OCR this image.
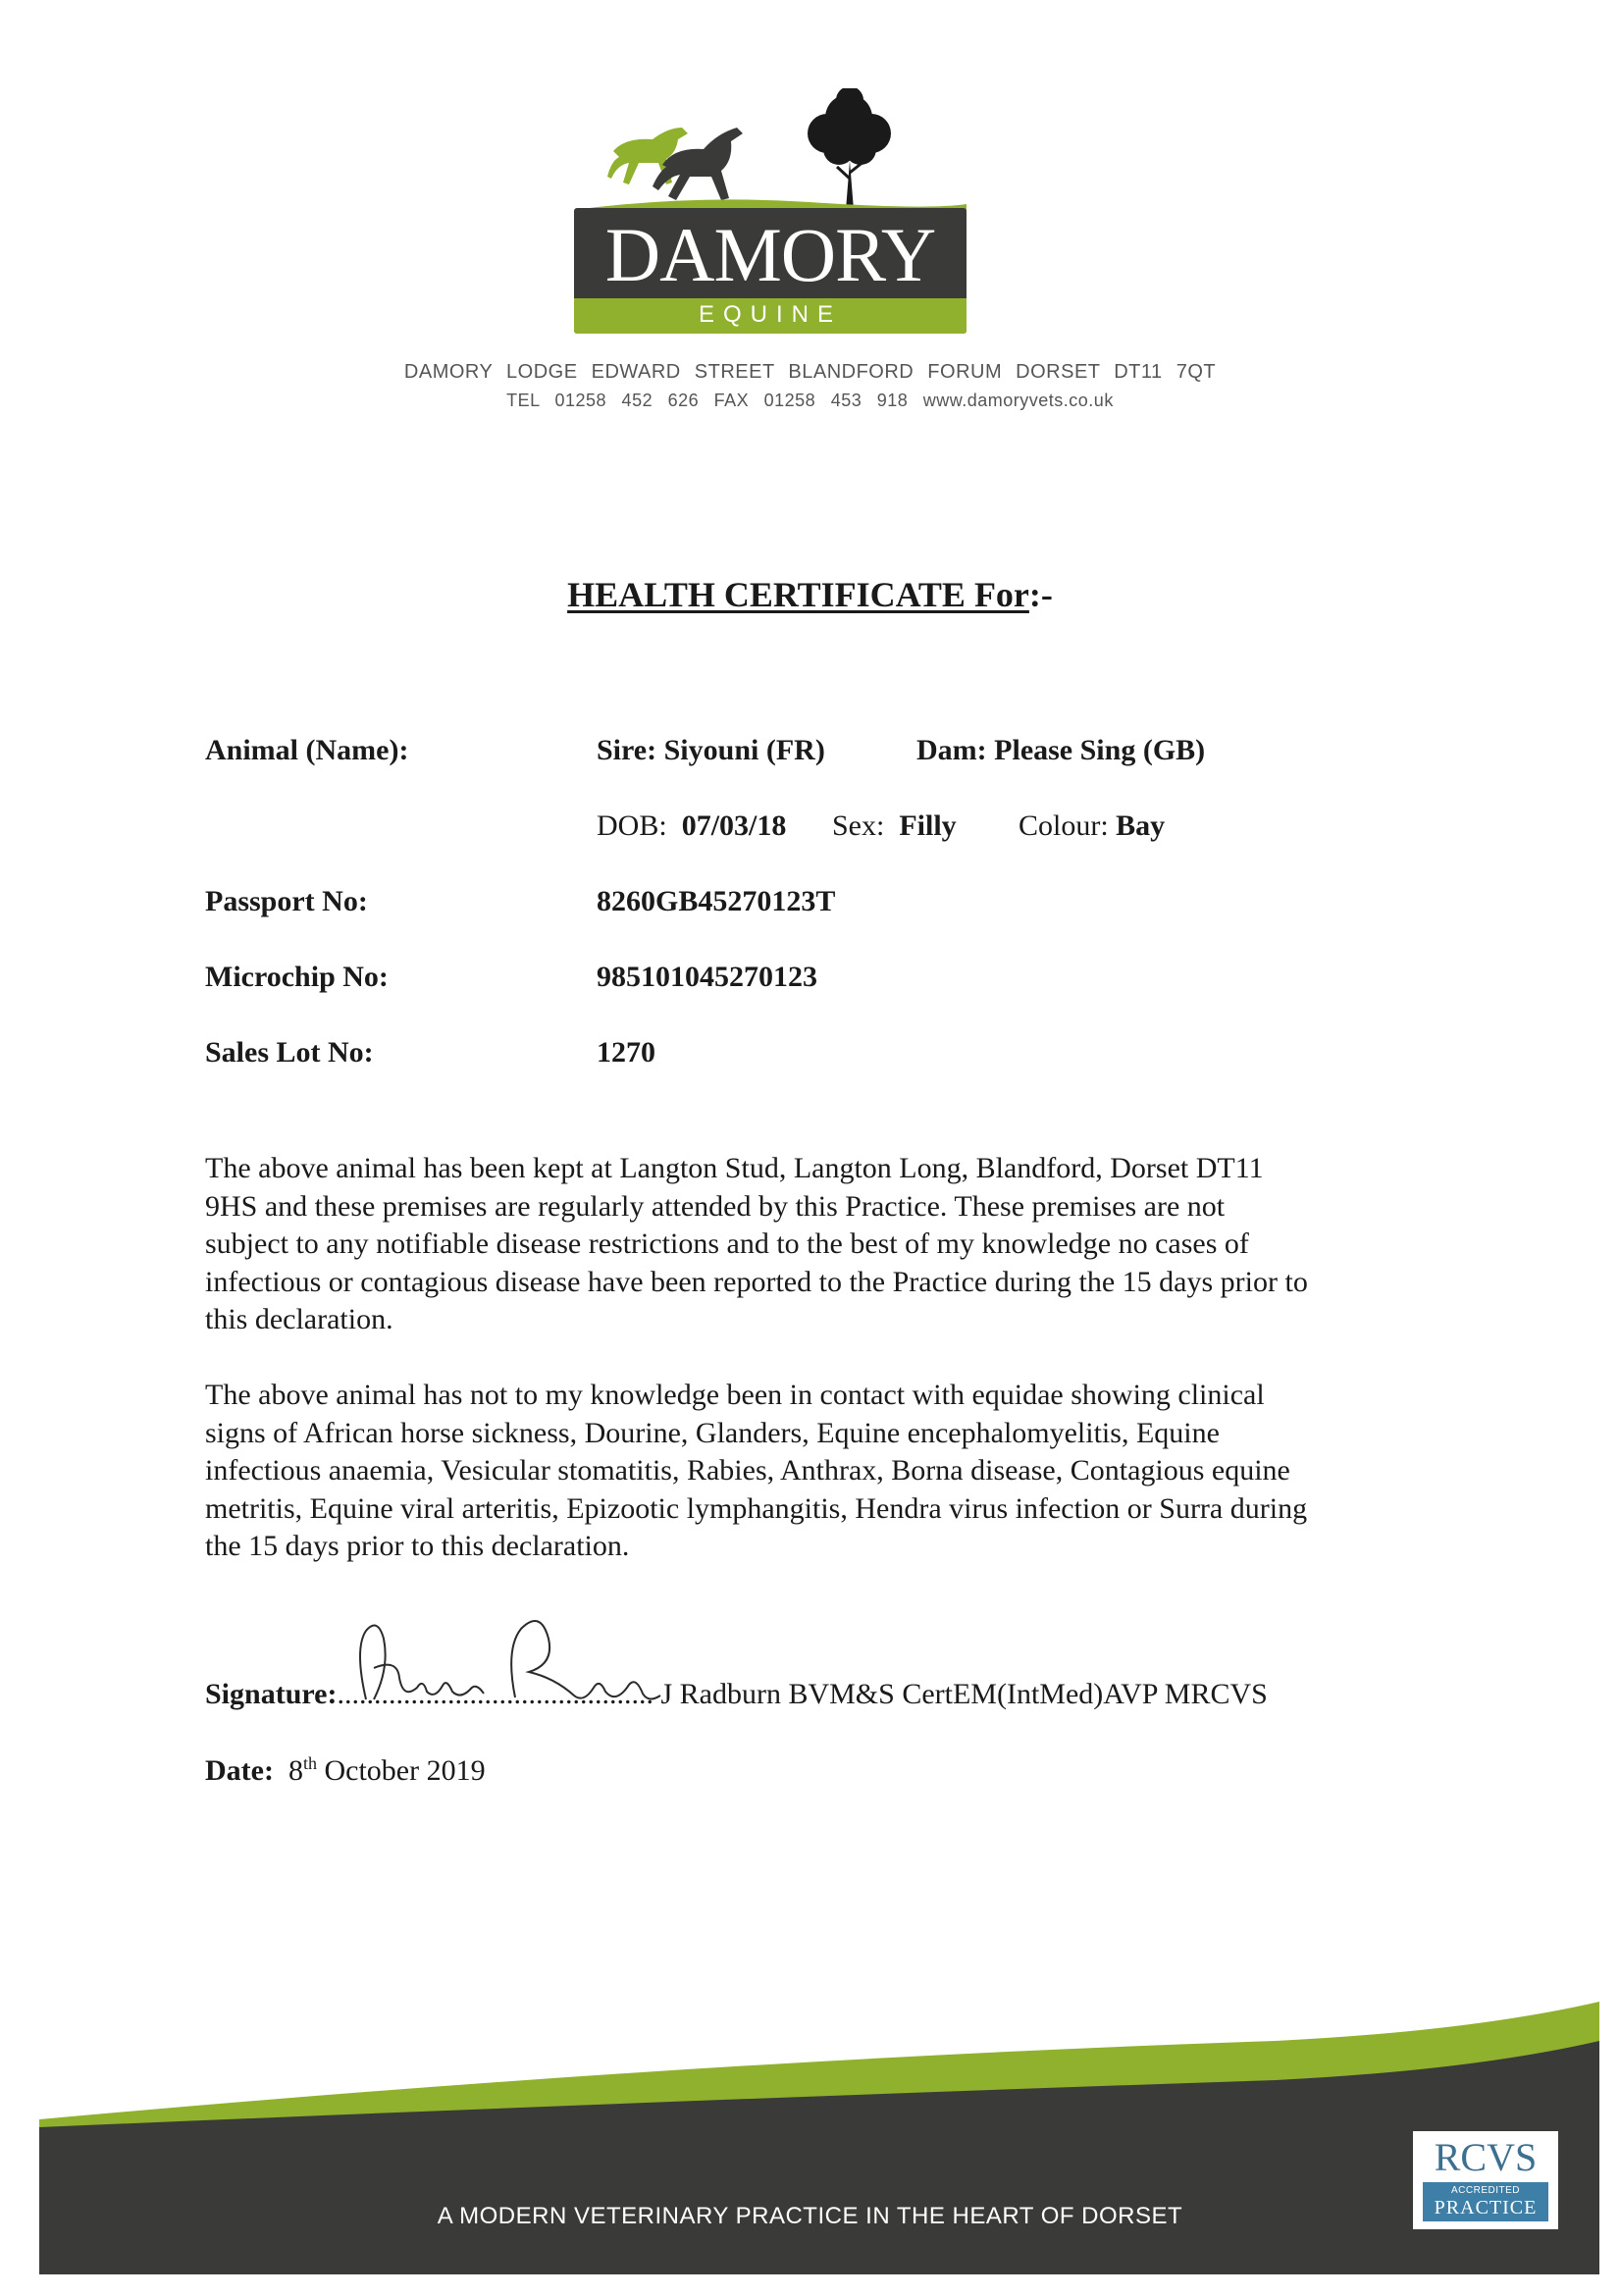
DAMORY
EQUINE
DAMORY LODGE EDWARD STREET BLANDFORD FORUM DORSET DT11 7QT
TEL 01258 452 626 FAX 01258 453 918 www.damoryvets.co.uk
HEALTH CERTIFICATE For:-
Animal (Name):	Sire: Siyouni (FR)	Dam: Please Sing (GB)
DOB: 07/03/18 Sex: Filly Colour: Bay
Passport No:	8260GB45270123T
Microchip No:	985101045270123
Sales Lot No:	1270
The above animal has been kept at Langton Stud, Langton Long, Blandford, Dorset DT11
9HS and these premises are regularly attended by this Practice. These premises are not
subject to any notifiable disease restrictions and to the best of my knowledge no cases of
infectious or contagious disease have been reported to the Practice during the 15 days prior to
this declaration.
The above animal has not to my knowledge been in contact with equidae showing clinical
signs of African horse sickness, Dourine, Glanders, Equine encephalomyelitis, Equine
infectious anaemia, Vesicular stomatitis, Rabies, Anthrax, Borna disease, Contagious equine
metritis, Equine viral arteritis, Epizootic lymphangitis, Hendra virus infection or Surra during
the 15 days prior to this declaration.
Signature:........................................... J Radburn BVM&S CertEM(IntMed)AVP MRCVS
Date: 8th October 2019
A MODERN VETERINARY PRACTICE IN THE HEART OF DORSET
RCVS
ACCREDITED
PRACTICE
